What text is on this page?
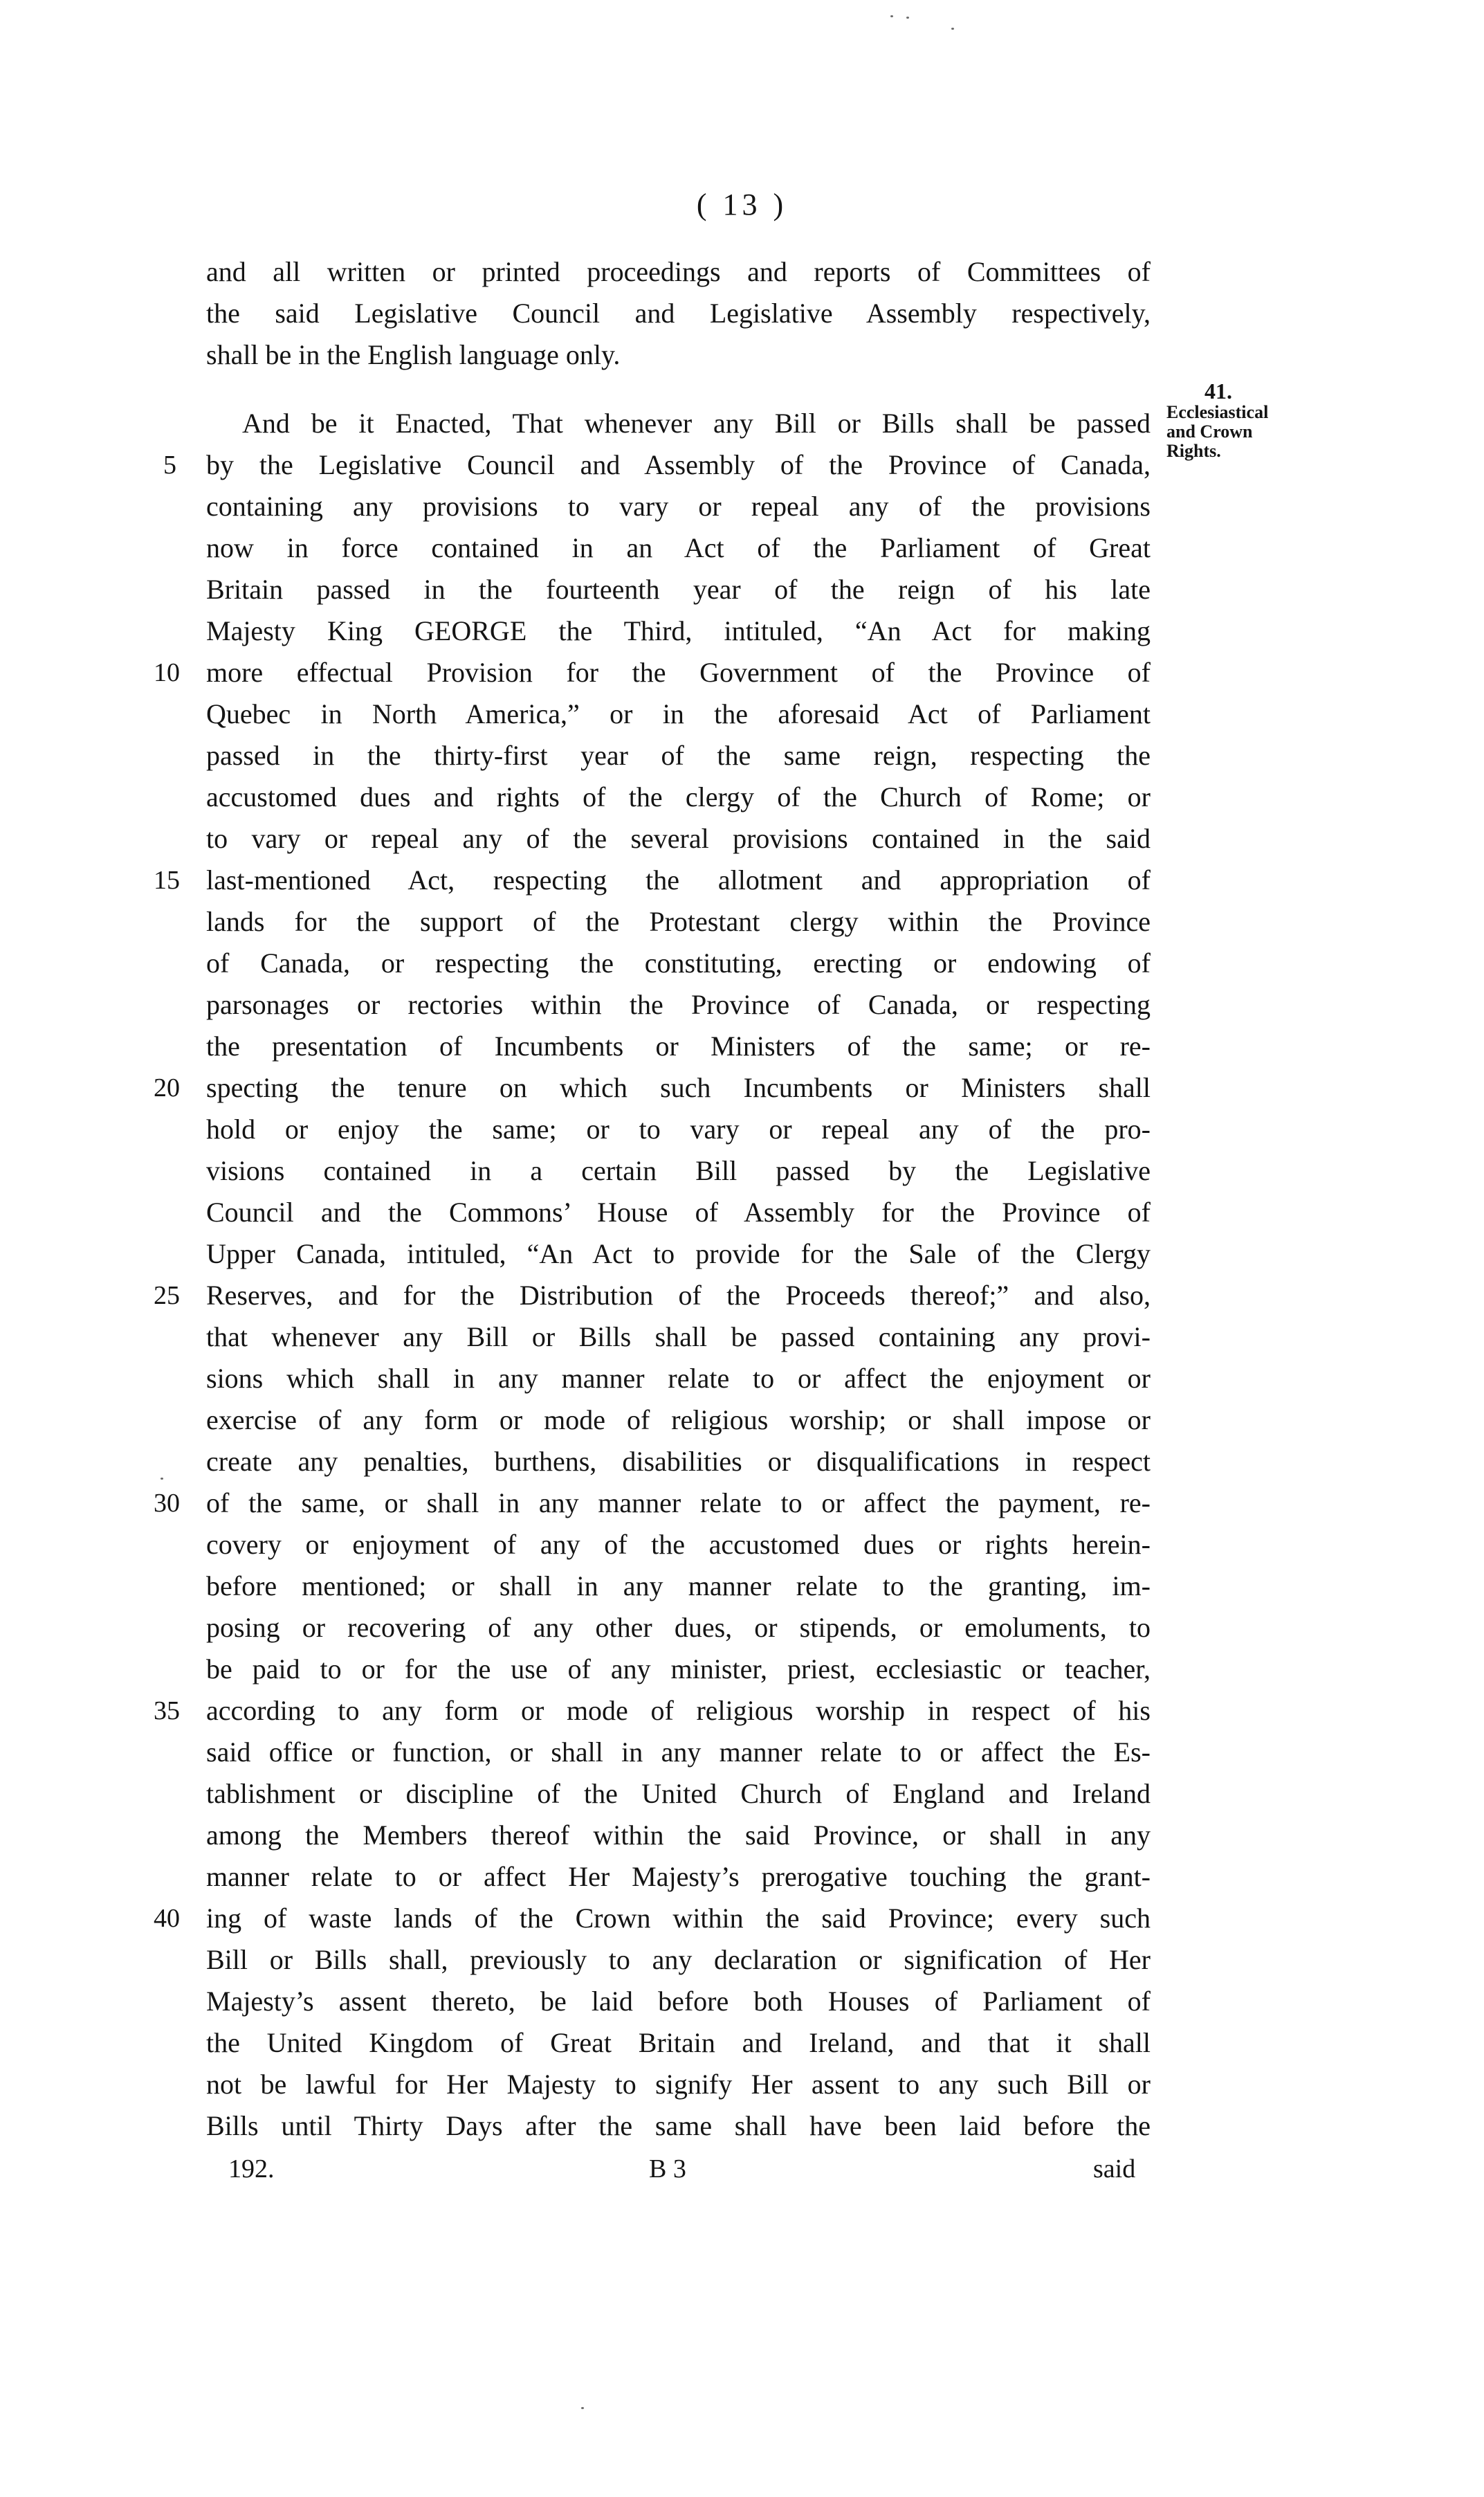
( 13 )
and all written or printed proceedings and reports of Committees of
the said Legislative Council and Legislative Assembly respectively,
shall be in the English language only.
41.
Ecclesiastical
and Crown
Rights.
And be it Enacted, That whenever any Bill or Bills shall be passed
by the Legislative Council and Assembly of the Province of Canada,
containing any provisions to vary or repeal any of the provisions
now in force contained in an Act of the Parliament of Great
Britain passed in the fourteenth year of the reign of his late
Majesty King GEORGE the Third, intituled, “An Act for making
more effectual Provision for the Government of the Province of
Quebec in North America,” or in the aforesaid Act of Parliament
passed in the thirty-first year of the same reign, respecting the
accustomed dues and rights of the clergy of the Church of Rome; or
to vary or repeal any of the several provisions contained in the said
last-mentioned Act, respecting the allotment and appropriation of
lands for the support of the Protestant clergy within the Province
of Canada, or respecting the constituting, erecting or endowing of
parsonages or rectories within the Province of Canada, or respecting
the presentation of Incumbents or Ministers of the same; or re-
specting the tenure on which such Incumbents or Ministers shall
hold or enjoy the same; or to vary or repeal any of the pro-
visions contained in a certain Bill passed by the Legislative
Council and the Commons’ House of Assembly for the Province of
Upper Canada, intituled, “An Act to provide for the Sale of the Clergy
Reserves, and for the Distribution of the Proceeds thereof;” and also,
that whenever any Bill or Bills shall be passed containing any provi-
sions which shall in any manner relate to or affect the enjoyment or
exercise of any form or mode of religious worship; or shall impose or
create any penalties, burthens, disabilities or disqualifications in respect
of the same, or shall in any manner relate to or affect the payment, re-
covery or enjoyment of any of the accustomed dues or rights herein-
before mentioned; or shall in any manner relate to the granting, im-
posing or recovering of any other dues, or stipends, or emoluments, to
be paid to or for the use of any minister, priest, ecclesiastic or teacher,
according to any form or mode of religious worship in respect of his
said office or function, or shall in any manner relate to or affect the Es-
tablishment or discipline of the United Church of England and Ireland
among the Members thereof within the said Province, or shall in any
manner relate to or affect Her Majesty’s prerogative touching the grant-
ing of waste lands of the Crown within the said Province; every such
Bill or Bills shall, previously to any declaration or signification of Her
Majesty’s assent thereto, be laid before both Houses of Parliament of
the United Kingdom of Great Britain and Ireland, and that it shall
not be lawful for Her Majesty to signify Her assent to any such Bill or
Bills until Thirty Days after the same shall have been laid before the
5
10
15
20
25
30
35
40
192.	B 3	said
